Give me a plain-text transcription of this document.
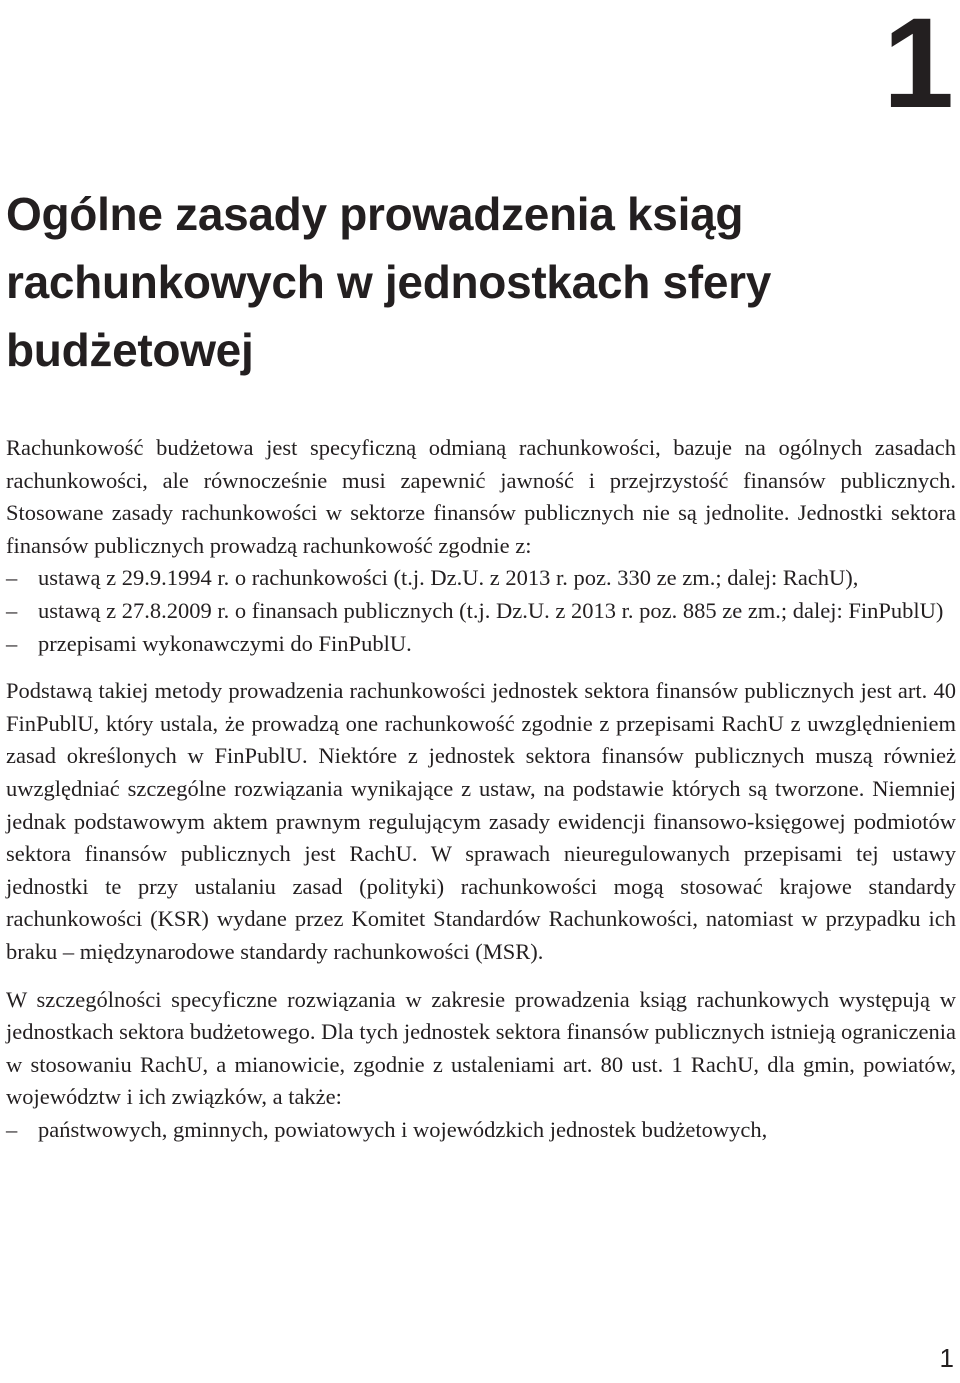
1
Ogólne zasady prowadzenia ksiąg rachunkowych w jednostkach sfery budżetowej

Rachunkowość budżetowa jest specyficzną odmianą rachunkowości, bazuje na ogólnych zasadach rachunkowości, ale równocześnie musi zapewnić jawność i przejrzystość finansów publicznych. Stosowane zasady rachunkowości w sektorze finansów publicznych nie są jednolite. Jednostki sektora finansów publicznych prowadzą rachunkowość zgodnie z:

– ustawą z 29.9.1994 r. o rachunkowości (t.j. Dz.U. z 2013 r. poz. 330 ze zm.; dalej: RachU),
– ustawą z 27.8.2009 r. o finansach publicznych (t.j. Dz.U. z 2013 r. poz. 885 ze zm.; dalej: FinPublU)
– przepisami wykonawczymi do FinPublU.

Podstawą takiej metody prowadzenia rachunkowości jednostek sektora finansów publicznych jest art. 40 FinPublU, który ustala, że prowadzą one rachunkowość zgodnie z przepisami RachU z uwzględnieniem zasad określonych w FinPublU. Niektóre z jednostek sektora finansów publicznych muszą również uwzględniać szczególne rozwiązania wynikające z ustaw, na podstawie których są tworzone. Niemniej jednak podstawowym aktem prawnym regulującym zasady ewidencji finansowo-księgowej podmiotów sektora finansów publicznych jest RachU. W sprawach nieuregulowanych przepisami tej ustawy jednostki te przy ustalaniu zasad (polityki) rachunkowości mogą stosować krajowe standardy rachunkowości (KSR) wydane przez Komitet Standardów Rachunkowości, natomiast w przypadku ich braku – międzynarodowe standardy rachunkowości (MSR).

W szczególności specyficzne rozwiązania w zakresie prowadzenia ksiąg rachunkowych występują w jednostkach sektora budżetowego. Dla tych jednostek sektora finansów publicznych istnieją ograniczenia w stosowaniu RachU, a mianowicie, zgodnie z ustaleniami art. 80 ust. 1 RachU, dla gmin, powiatów, województw i ich związków, a także:

– państwowych, gminnych, powiatowych i wojewódzkich jednostek budżetowych,
1
